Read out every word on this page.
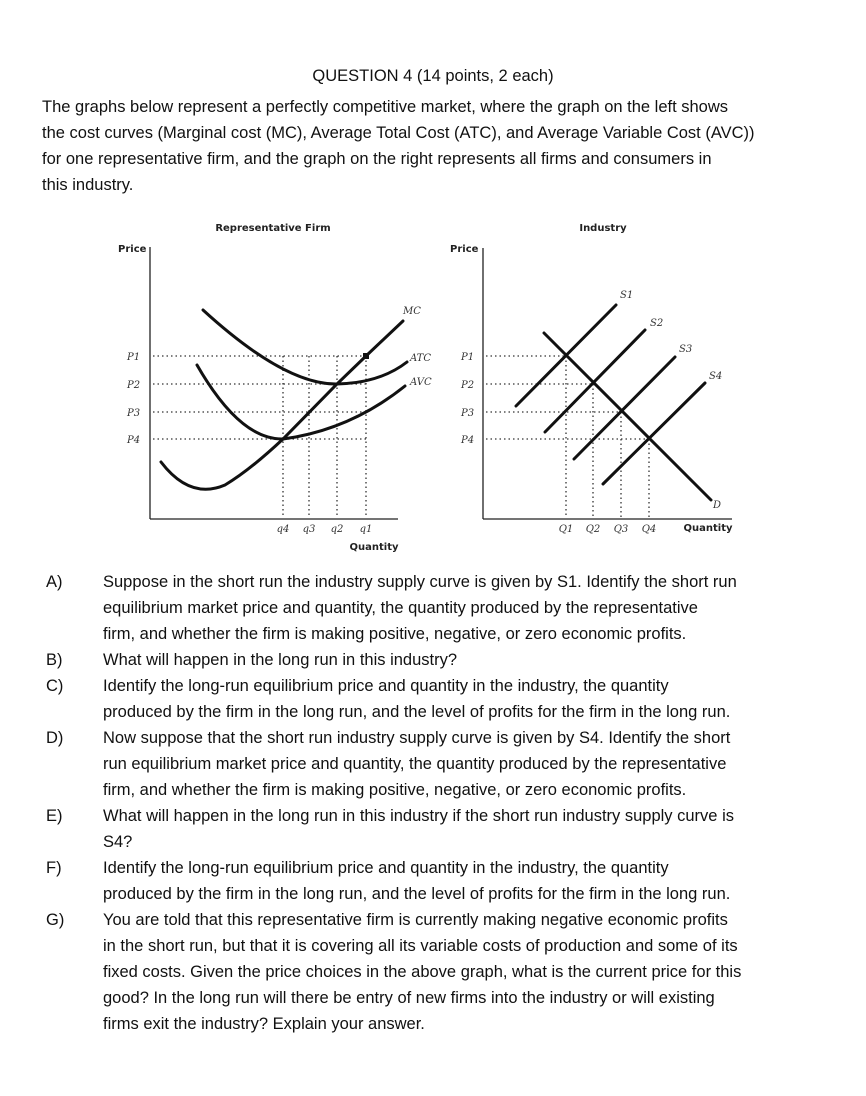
QUESTION 4 (14 points, 2 each)
The graphs below represent a perfectly competitive market, where the graph on the left shows
the cost curves (Marginal cost (MC), Average Total Cost (ATC), and Average Variable Cost (AVC))
for one representative firm, and the graph on the right represents all firms and consumers in
this industry.
Representative Firm
Price
MC
ATC
AVC
P1
P2
P3
P4
q4 q3 q2 q1
Quantity
Industry
Price
S1
S2
S3
S4
D
P1
P2
P3
P4
Q1 Q2 Q3 Q4	Quantity
A) Suppose in the short run the industry supply curve is given by S1. Identify the short run
equilibrium market price and quantity, the quantity produced by the representative
firm, and whether the firm is making positive, negative, or zero economic profits.
B) What will happen in the long run in this industry?
C) Identify the long-run equilibrium price and quantity in the industry, the quantity
produced by the firm in the long run, and the level of profits for the firm in the long run.
D) Now suppose that the short run industry supply curve is given by S4. Identify the short
run equilibrium market price and quantity, the quantity produced by the representative
firm, and whether the firm is making positive, negative, or zero economic profits.
E) What will happen in the long run in this industry if the short run industry supply curve is
S4?
F)	Identify the long-run equilibrium price and quantity in the industry, the quantity
produced by the firm in the long run, and the level of profits for the firm in the long run.
G) You are told that this representative firm is currently making negative economic profits
in the short run, but that it is covering all its variable costs of production and some of its
fixed costs. Given the price choices in the above graph, what is the current price for this
good? In the long run will there be entry of new firms into the industry or will existing
firms exit the industry? Explain your answer.
